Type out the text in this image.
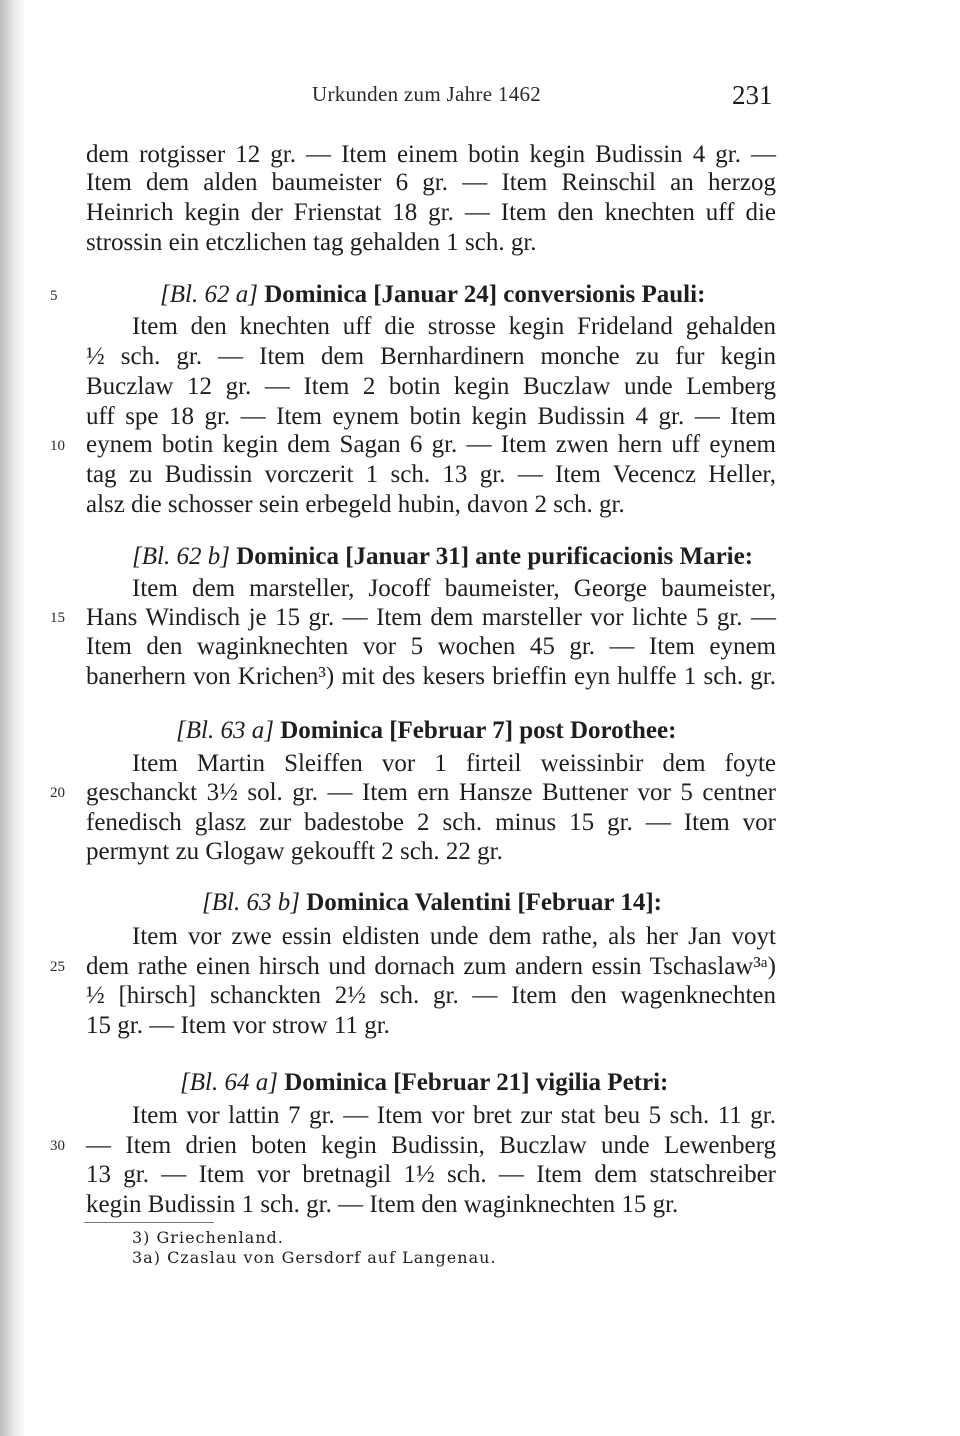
Urkunden zum Jahre 1462	231
dem rotgisser 12 gr. — Item einem botin kegin Budissin 4 gr. —
Item dem alden baumeister 6 gr. — Item Reinschil an herzog
Heinrich kegin der Frienstat 18 gr. — Item den knechten uff die
strossin ein etczlichen tag gehalden 1 sch. gr.
[Bl. 62 a] Dominica [Januar 24] conversionis Pauli:
Item den knechten uff die strosse kegin Frideland gehalden
½ sch. gr. — Item dem Bernhardinern monche zu fur kegin
Buczlaw 12 gr. — Item 2 botin kegin Buczlaw unde Lemberg
uff spe 18 gr. — Item eynem botin kegin Budissin 4 gr. — Item
eynem botin kegin dem Sagan 6 gr. — Item zwen hern uff eynem
tag zu Budissin vorczerit 1 sch. 13 gr. — Item Vecencz Heller,
alsz die schosser sein erbegeld hubin, davon 2 sch. gr.
[Bl. 62 b] Dominica [Januar 31] ante purificacionis Marie:
Item dem marsteller, Jocoff baumeister, George baumeister,
Hans Windisch je 15 gr. — Item dem marsteller vor lichte 5 gr. —
Item den waginknechten vor 5 wochen 45 gr. — Item eynem
banerhern von Krichen³) mit des kesers brieffin eyn hulffe 1 sch. gr.
[Bl. 63 a] Dominica [Februar 7] post Dorothee:
Item Martin Sleiffen vor 1 firteil weissinbir dem foyte
geschanckt 3½ sol. gr. — Item ern Hansze Buttener vor 5 centner
fenedisch glasz zur badestobe 2 sch. minus 15 gr. — Item vor
permynt zu Glogaw gekoufft 2 sch. 22 gr.
[Bl. 63 b] Dominica Valentini [Februar 14]:
Item vor zwe essin eldisten unde dem rathe, als her Jan voyt
dem rathe einen hirsch und dornach zum andern essin Tschaslaw³ᵃ)
½ [hirsch] schanckten 2½ sch. gr. — Item den wagenknechten
15 gr. — Item vor strow 11 gr.
[Bl. 64 a] Dominica [Februar 21] vigilia Petri:
Item vor lattin 7 gr. — Item vor bret zur stat beu 5 sch. 11 gr.
— Item drien boten kegin Budissin, Buczlaw unde Lewenberg
13 gr. — Item vor bretnagil 1½ sch. — Item dem statschreiber
kegin Budissin 1 sch. gr. — Item den waginknechten 15 gr.
5
10
15
20
25
30
3) Griechenland.
3a) Czaslau von Gersdorf auf Langenau.
